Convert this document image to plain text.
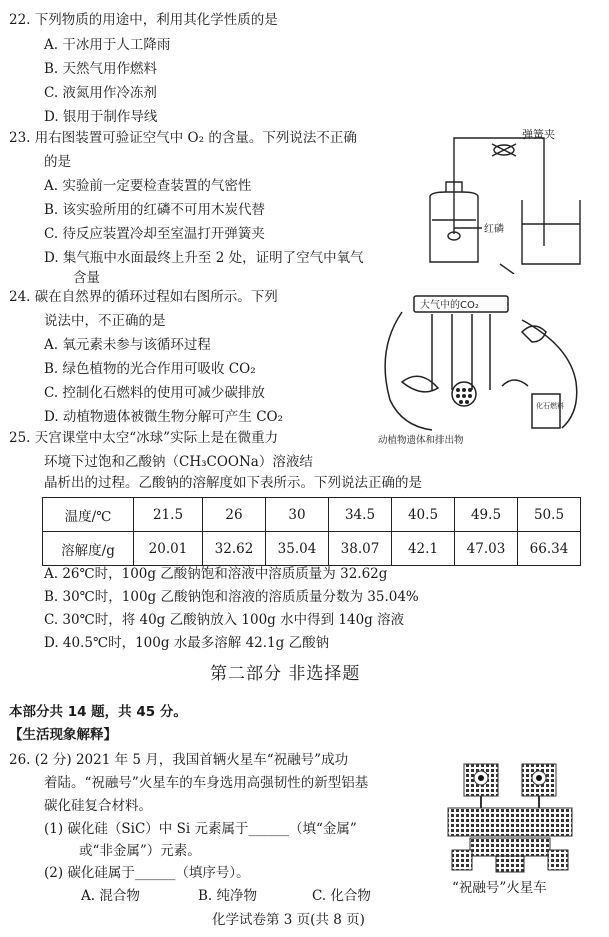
22. 下列物质的用途中，利用其化学性质的是
A. 干冰用于人工降雨
B. 天然气用作燃料
C. 液氮用作冷冻剂
D. 银用于制作导线
23. 用右图装置可验证空气中 O₂ 的含量。下列说法不正确
的是
A. 实验前一定要检查装置的气密性
B. 该实验所用的红磷不可用木炭代替
C. 待反应装置冷却至室温打开弹簧夹
D. 集气瓶中水面最终上升至 2 处，证明了空气中氧气
含量
弹簧夹
红磷
24. 碳在自然界的循环过程如右图所示。下列
说法中，不正确的是
A. 氧元素未参与该循环过程
B. 绿色植物的光合作用可吸收 CO₂
C. 控制化石燃料的使用可减少碳排放
D. 动植物遗体被微生物分解可产生 CO₂
大气中的CO₂
化石燃料
动植物遗体和排出物
25. 天宫课堂中太空“冰球”实际上是在微重力
环境下过饱和乙酸钠（CH₃COONa）溶液结
晶析出的过程。乙酸钠的溶解度如下表所示。下列说法正确的是
温度/℃	21.5	26	30	34.5	40.5	49.5	50.5
溶解度/g	20.01	32.62	35.04	38.07	42.1	47.03	66.34
A. 26℃时，100g 乙酸钠饱和溶液中溶质质量为 32.62g
B. 30℃时，100g 乙酸钠饱和溶液的溶质质量分数为 35.04%
C. 30℃时，将 40g 乙酸钠放入 100g 水中得到 140g 溶液
D. 40.5℃时，100g 水最多溶解 42.1g 乙酸钠
第二部分 非选择题
本部分共 14 题，共 45 分。
【生活现象解释】
26. (2 分) 2021 年 5 月，我国首辆火星车“祝融号”成功
着陆。“祝融号”火星车的车身选用高强韧性的新型铝基
碳化硅复合材料。
(1) 碳化硅（SiC）中 Si 元素属于______（填“金属”
或“非金属”）元素。
(2) 碳化硅属于______（填序号）。
A. 混合物	B. 纯净物	C. 化合物	“祝融号”火星车
化学试卷第 3 页(共 8 页)
